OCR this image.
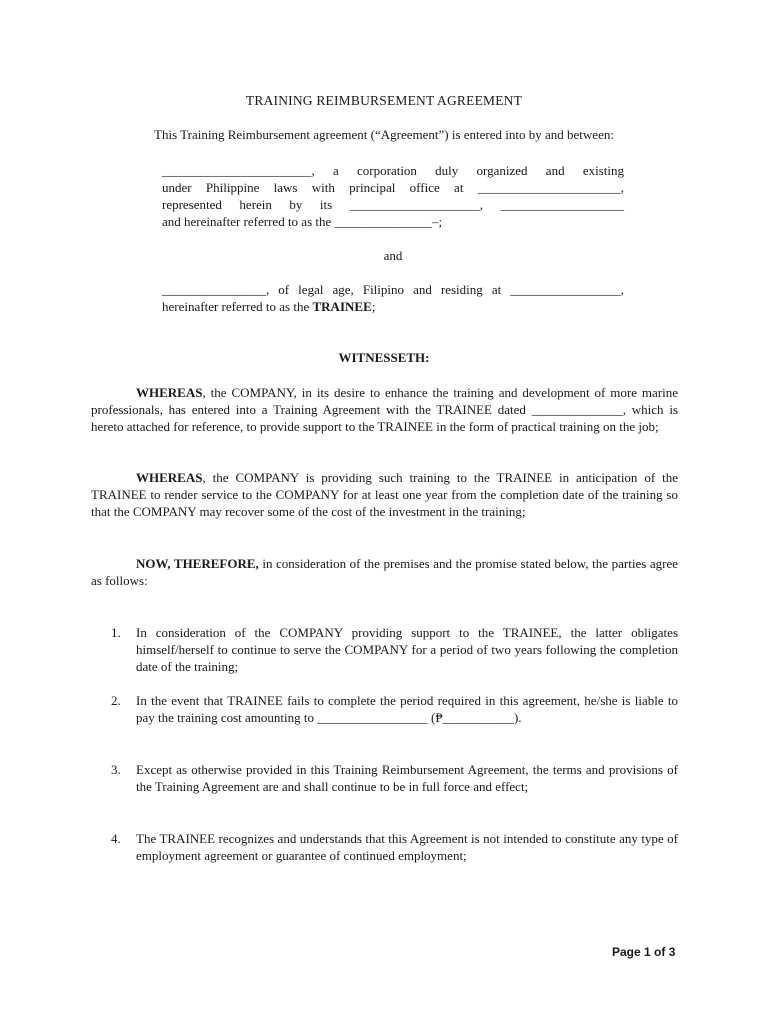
TRAINING REIMBURSEMENT AGREEMENT
This Training Reimbursement agreement (“Agreement”) is entered into by and between:
_______________________, a corporation duly organized and existing
under Philippine laws with principal office at ______________________,
represented herein by its ____________________, ___________________
and hereinafter referred to as the _______________–;
and
________________, of legal age, Filipino and residing at _________________,
hereinafter referred to as the TRAINEE;
WITNESSETH:

WHEREAS, the COMPANY, in its desire to enhance the training and development of more marine professionals, has entered into a Training Agreement with the TRAINEE dated ______________, which is hereto attached for reference, to provide support to the TRAINEE in the form of practical training on the job;

WHEREAS, the COMPANY is providing such training to the TRAINEE in anticipation of the TRAINEE to render service to the COMPANY for at least one year from the completion date of the training so that the COMPANY may recover some of the cost of the investment in the training;

NOW, THEREFORE, in consideration of the premises and the promise stated below, the parties agree as follows:

1.	In consideration of the COMPANY providing support to the TRAINEE, the latter obligates himself/herself to continue to serve the COMPANY for a period of two years following the completion date of the training;
2.	In the event that TRAINEE fails to complete the period required in this agreement, he/she is liable to pay the training cost amounting to _________________ (₱___________).
3.	Except as otherwise provided in this Training Reimbursement Agreement, the terms and provisions of the Training Agreement are and shall continue to be in full force and effect;
4.	The TRAINEE recognizes and understands that this Agreement is not intended to constitute any type of employment agreement or guarantee of continued employment;
Page 1 of 3
